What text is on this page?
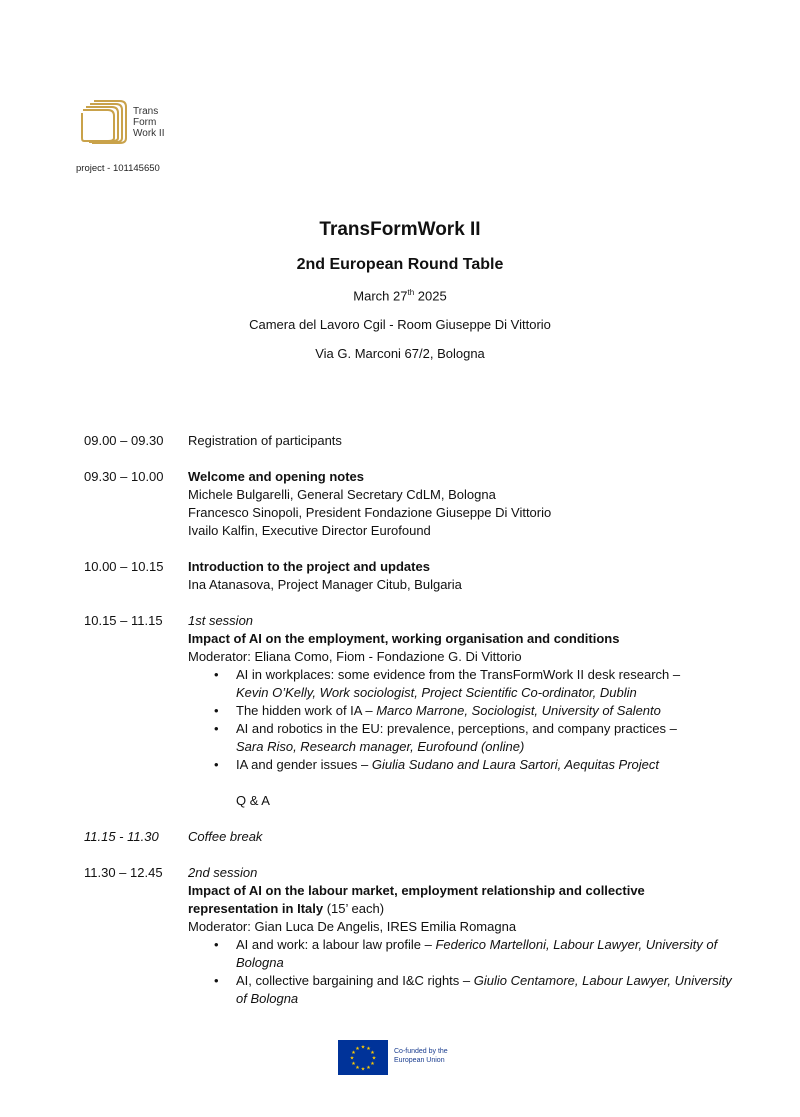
Trans
Form
Work II
project - 101145650
TransFormWork II
2nd European Round Table
March 27th 2025
Camera del Lavoro Cgil - Room Giuseppe Di Vittorio
Via G. Marconi 67/2, Bologna
09.00 – 09.30	Registration of participants
09.30 – 10.00	Welcome and opening notes
Michele Bulgarelli, General Secretary CdLM, Bologna
Francesco Sinopoli, President Fondazione Giuseppe Di Vittorio
Ivailo Kalfin, Executive Director Eurofound
10.00 – 10.15	Introduction to the project and updates
Ina Atanasova, Project Manager Citub, Bulgaria
10.15 – 11.15	1st session
Impact of AI on the employment, working organisation and conditions
Moderator: Eliana Como, Fiom - Fondazione G. Di Vittorio
• AI in workplaces: some evidence from the TransFormWork II desk research –
Kevin O’Kelly, Work sociologist, Project Scientific Co-ordinator, Dublin
• The hidden work of IA – Marco Marrone, Sociologist, University of Salento
• AI and robotics in the EU: prevalence, perceptions, and company practices –
Sara Riso, Research manager, Eurofound (online)
• IA and gender issues – Giulia Sudano and Laura Sartori, Aequitas Project
Q & A
11.15 - 11.30	Coffee break
11.30 – 12.45	2nd session
Impact of AI on the labour market, employment relationship and collective representation in Italy (15’ each)
Moderator: Gian Luca De Angelis, IRES Emilia Romagna
• AI and work: a labour law profile – Federico Martelloni, Labour Lawyer, University of Bologna
• AI, collective bargaining and I&C rights – Giulio Centamore, Labour Lawyer, University of Bologna
★ ★
★
★
★
★
★
★
★
★
★
★	Co-funded by the
European Union
